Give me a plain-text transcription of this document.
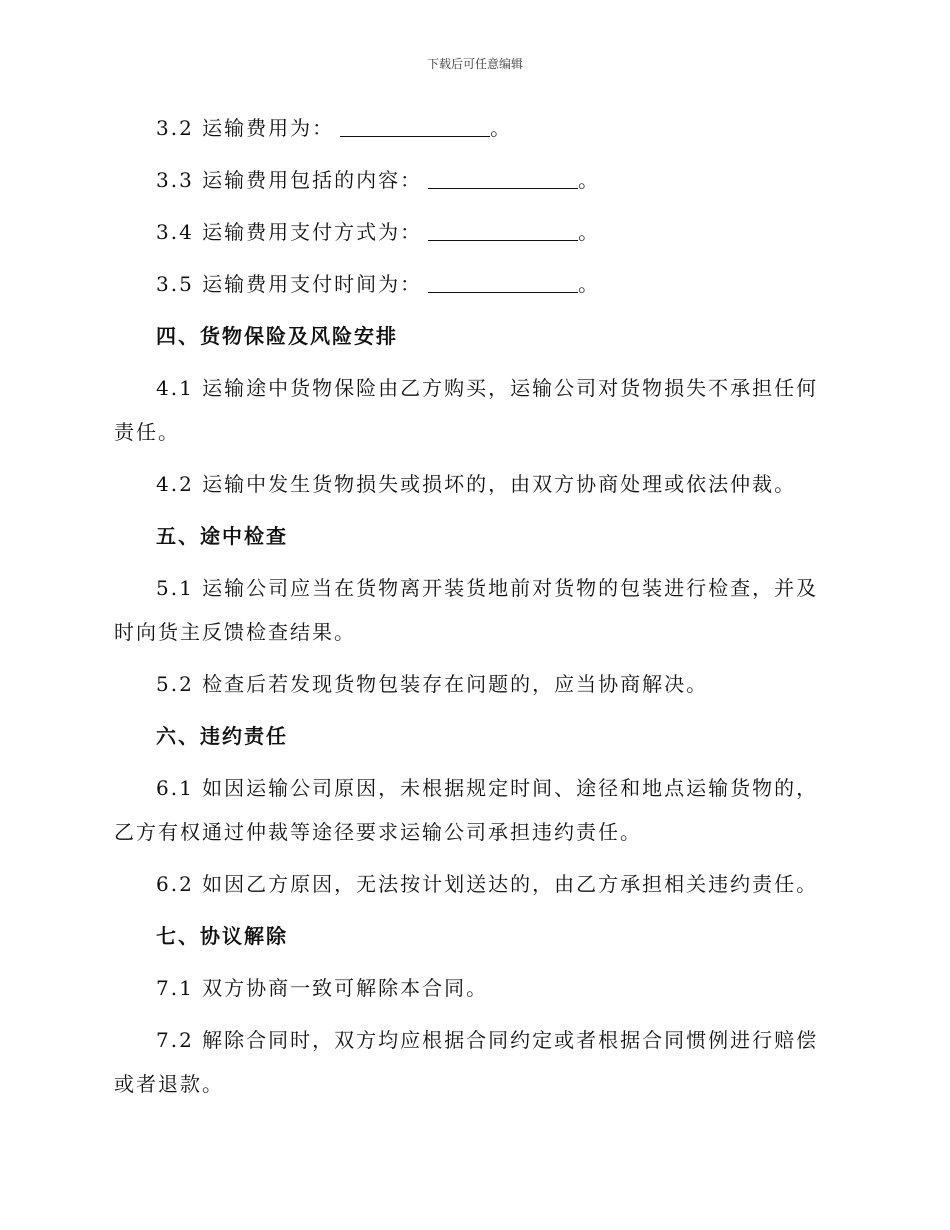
下载后可任意编辑

3.2 运输费用为：	。

3.3 运输费用包括的内容：	。

3.4 运输费用支付方式为：	。

3.5 运输费用支付时间为：	。

四、货物保险及风险安排

4.1 运输途中货物保险由乙方购买，运输公司对货物损失不承担任何责任。

4.2 运输中发生货物损失或损坏的，由双方协商处理或依法仲裁。

五、途中检查

5.1 运输公司应当在货物离开装货地前对货物的包装进行检查，并及时向货主反馈检查结果。

5.2 检查后若发现货物包装存在问题的，应当协商解决。

六、违约责任

6.1 如因运输公司原因，未根据规定时间、途径和地点运输货物的，乙方有权通过仲裁等途径要求运输公司承担违约责任。

6.2 如因乙方原因，无法按计划送达的，由乙方承担相关违约责任。

七、协议解除

7.1 双方协商一致可解除本合同。

7.2 解除合同时，双方均应根据合同约定或者根据合同惯例进行赔偿或者退款。
